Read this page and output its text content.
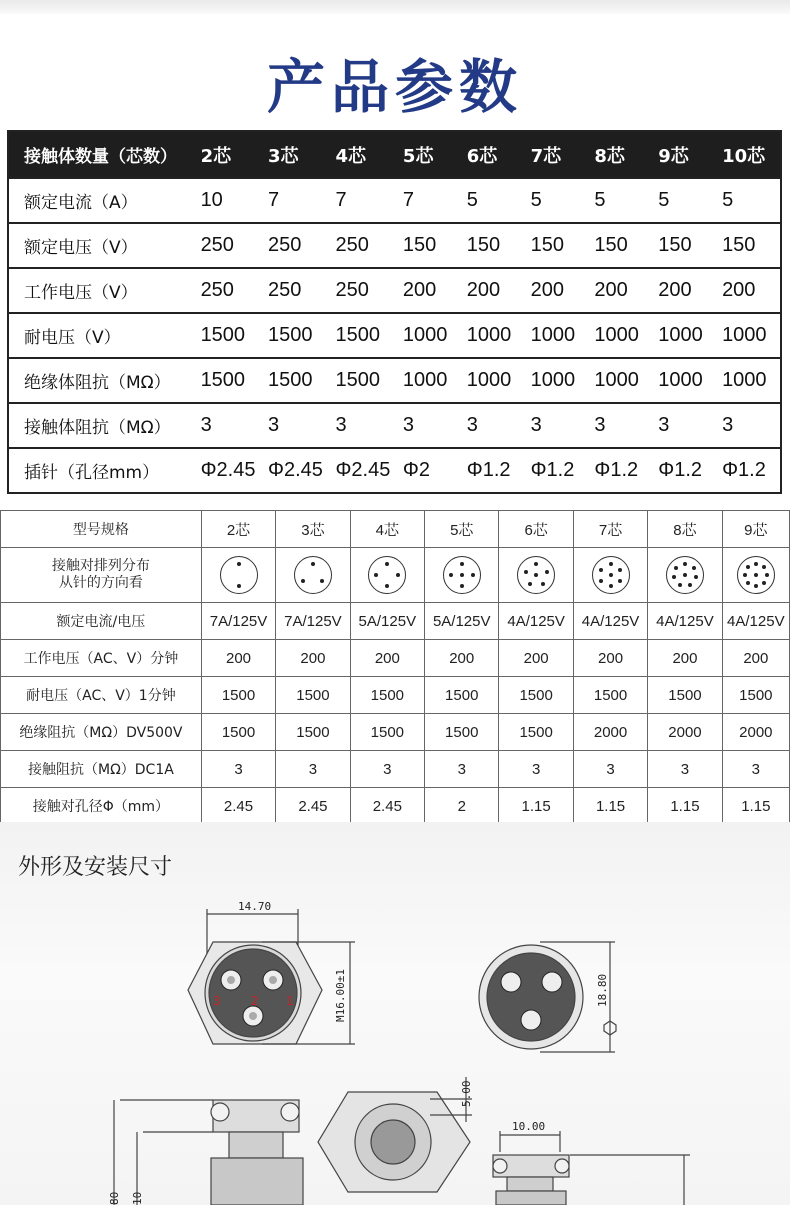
产品参数
接触体数量（芯数）	2芯	3芯	4芯	5芯	6芯	7芯	8芯	9芯	10芯
额定电流（A）	10	7	7	7	5	5	5	5	5
额定电压（V）	250	250	250	150	150	150	150	150	150
工作电压（V）	250	250	250	200	200	200	200	200	200
耐电压（V）	1500	1500	1500	1000	1000	1000	1000	1000	1000
绝缘体阻抗（MΩ）	1500	1500	1500	1000	1000	1000	1000	1000	1000
接触体阻抗（MΩ）	3	3	3	3	3	3	3	3	3
插针（孔径mm）	Φ2.45	Φ2.45	Φ2.45	Φ2	Φ1.2	Φ1.2	Φ1.2	Φ1.2	Φ1.2
型号规格	2芯	3芯	4芯	5芯	6芯	7芯	8芯	9芯

接触对排列分布
从针的方向看								

额定电流/电压	7A/125V	7A/125V	5A/125V	5A/125V	4A/125V	4A/125V	4A/125V	4A/125V
工作电压（AC、V）分钟	200	200	200	200	200	200	200	200
耐电压（AC、V）1分钟	1500	1500	1500	1500	1500	1500	1500	1500
绝缘阻抗（MΩ）DV500V	1500	1500	1500	1500	1500	2000	2000	2000
接触阻抗（MΩ）DC1A	3	3	3	3	3	3	3	3
接触对孔径Φ（mm）	2.45	2.45	2.45	2	1.15	1.15	1.15	1.15
外形及安装尺寸
3	2 1
14.70
M16.00±1	18.80
5.00
80 10
10.00
